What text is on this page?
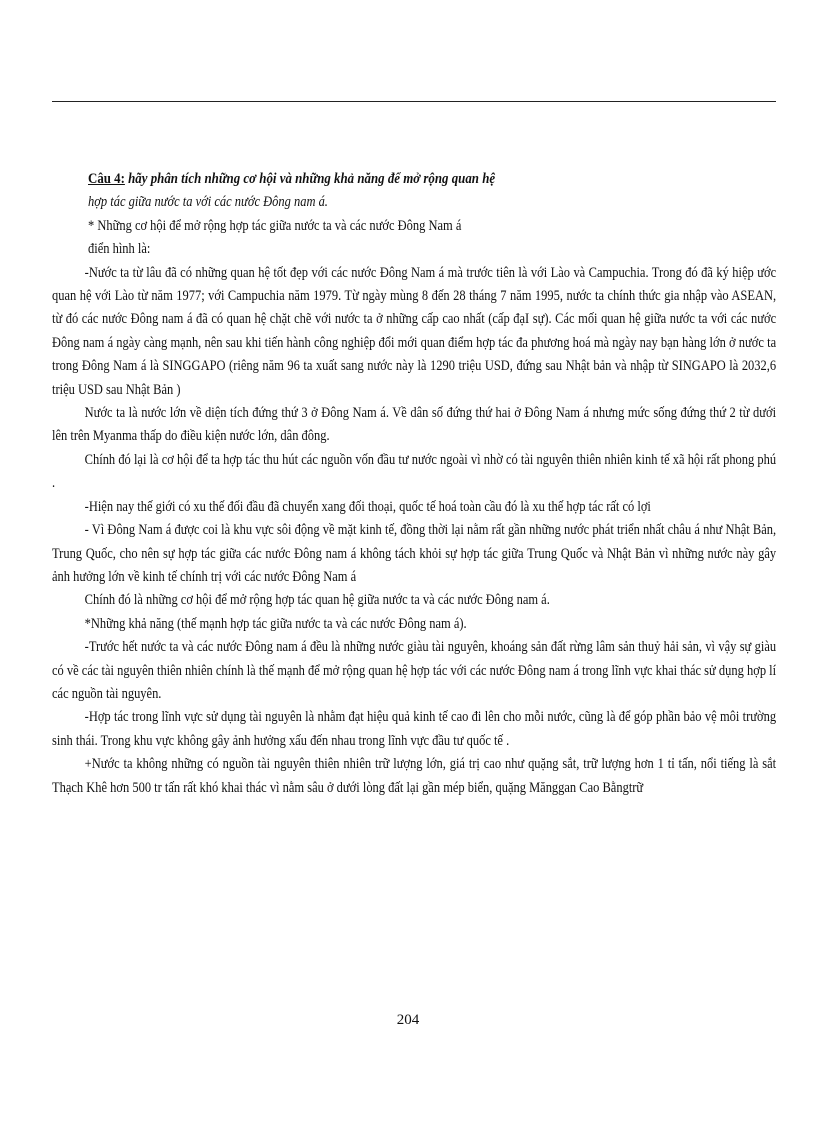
Câu 4: hãy phân tích những cơ hội và những khả năng để mở rộng quan hệ

hợp tác giữa nước ta với các nước Đông nam á.

* Những cơ hội để mở rộng hợp tác giữa nước ta và các nước Đông Nam á

điển hình là:

-Nước ta từ lâu đã có những quan hệ tốt đẹp với các nước Đông Nam á mà trước tiên là với Lào và Campuchia. Trong đó đã ký hiệp ước quan hệ với Lào từ năm 1977; với Campuchia năm 1979. Từ ngày mùng 8 đến 28 tháng 7 năm 1995, nước ta chính thức gia nhập vào ASEAN, từ đó các nước Đông nam á đã có quan hệ chặt chẽ với nước ta ở những cấp cao nhất (cấp đạI sự). Các mối quan hệ giữa nước ta với các nước Đông nam á ngày càng mạnh, nên sau khi tiến hành công nghiệp đổi mới quan điểm hợp tác đa phương hoá mà ngày nay bạn hàng lớn ở nước ta trong Đông Nam á là SINGGAPO (riêng năm 96 ta xuất sang nước này là 1290 triệu USD, đứng sau Nhật bản và nhập từ SINGAPO là 2032,6 triệu USD sau Nhật Bản )

Nước ta là nước lớn về diện tích đứng thứ 3 ở Đông Nam á. Về dân số đứng thứ hai ở Đông Nam á nhưng mức sống đứng thứ 2 từ dưới lên trên Myanma thấp do điều kiện nước lớn, dân đông.

Chính đó lại là cơ hội để ta hợp tác thu hút các nguồn vốn đầu tư nước ngoài vì nhờ có tài nguyên thiên nhiên kinh tế xã hội rất phong phú .

-Hiện nay thế giới có xu thế đối đầu đã chuyển xang đối thoại, quốc tế hoá toàn cầu đó là xu thế hợp tác rất có lợi

- Vì Đông Nam á được coi là khu vực sôi động về mặt kinh tế, đồng thời lại nằm rất gần những nước phát triển nhất châu á như Nhật Bản, Trung Quốc, cho nên sự hợp tác giữa các nước Đông nam á không tách khỏi sự hợp tác giữa Trung Quốc và Nhật Bản vì những nước này gây ảnh hưởng lớn về kinh tế chính trị với các nước Đông Nam á

Chính đó là những cơ hội để mở rộng hợp tác quan hệ giữa nước ta và các nước Đông nam á.

*Những khả năng (thế mạnh hợp tác giữa nước ta và các nước Đông nam á).

-Trước hết nước ta và các nước Đông nam á đều là những nước giàu tài nguyên, khoáng sản đất rừng lâm sản thuỷ hải sản, vì vậy sự giàu có về các tài nguyên thiên nhiên chính là thế mạnh để mở rộng quan hệ hợp tác với các nước Đông nam á trong lĩnh vực khai thác sử dụng hợp lí các nguồn tài nguyên.

-Hợp tác trong lĩnh vực sử dụng tài nguyên là nhằm đạt hiệu quả kinh tế cao đi lên cho mỗi nước, cũng là để góp phần bảo vệ môi trường sinh thái. Trong khu vực không gây ảnh hưởng xấu đến nhau trong lĩnh vực đầu tư quốc tế .

+Nước ta không những có nguồn tài nguyên thiên nhiên trữ lượng lớn, giá trị cao như quặng sắt, trữ lượng hơn 1 tỉ tấn, nổi tiếng là sắt Thạch Khê hơn 500 tr tấn rất khó khai thác vì nằm sâu ở dưới lòng đất lại gần mép biển, quặng Mănggan Cao Bằngtrữ

204
